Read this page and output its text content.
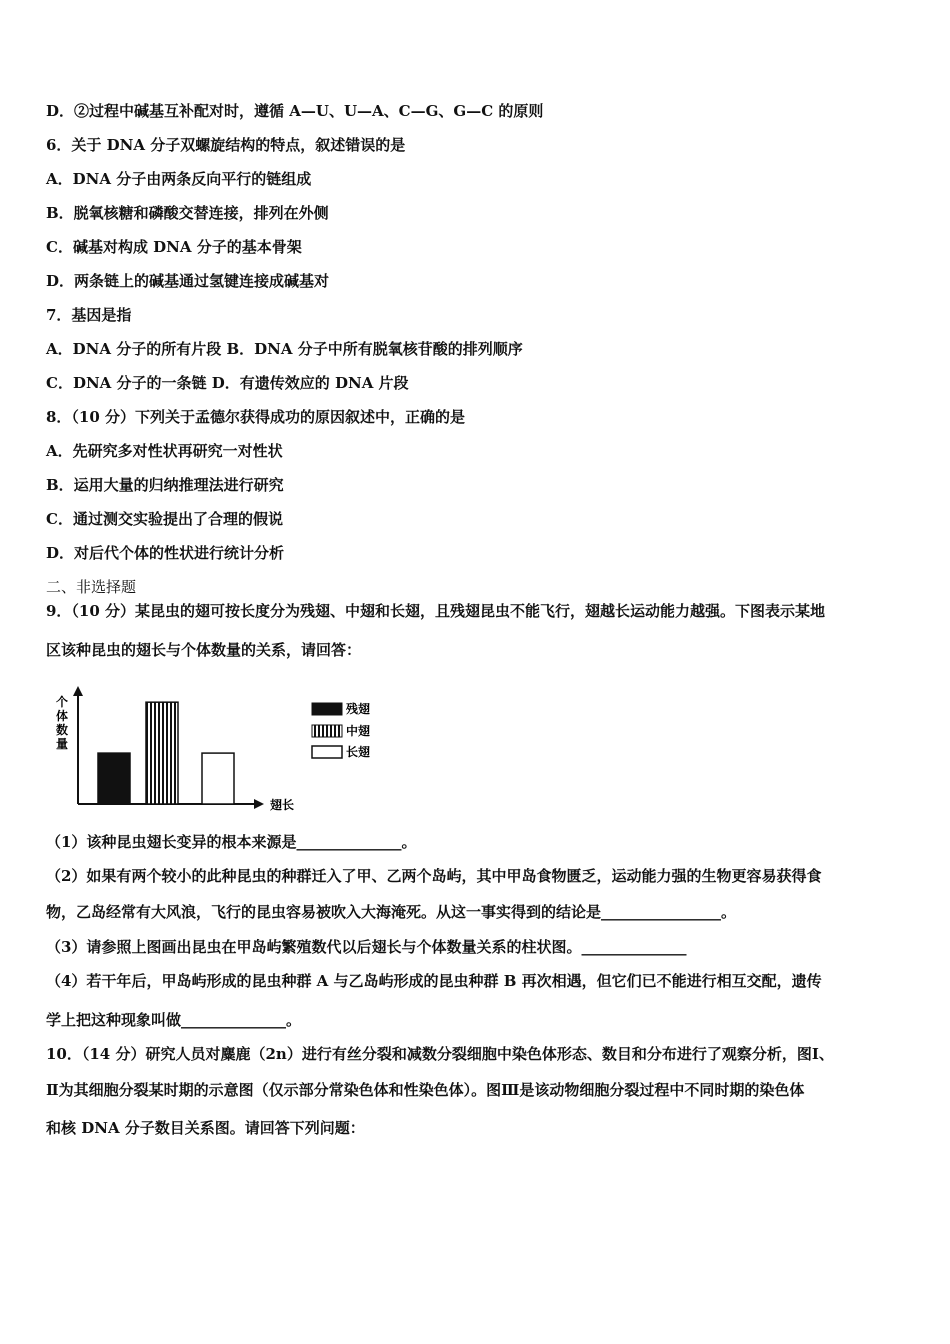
D．②过程中碱基互补配对时，遵循 A—U、U—A、C—G、G—C 的原则
6．关于 DNA 分子双螺旋结构的特点，叙述错误的是
A．DNA 分子由两条反向平行的链组成
B．脱氧核糖和磷酸交替连接，排列在外侧
C．碱基对构成 DNA 分子的基本骨架
D．两条链上的碱基通过氢键连接成碱基对
7．基因是指
A．DNA 分子的所有片段 B．DNA 分子中所有脱氧核苷酸的排列顺序
C．DNA 分子的一条链 D．有遗传效应的 DNA 片段
8．（10 分）下列关于孟德尔获得成功的原因叙述中，正确的是
A．先研究多对性状再研究一对性状
B．运用大量的归纳推理法进行研究
C．通过测交实验提出了合理的假说
D．对后代个体的性状进行统计分析
二、非选择题
9．（10 分）某昆虫的翅可按长度分为残翅、中翅和长翅，且残翅昆虫不能飞行，翅越长运动能力越强。下图表示某地
区该种昆虫的翅长与个体数量的关系，请回答：
（1）该种昆虫翅长变异的根本来源是______________。
（2）如果有两个较小的此种昆虫的种群迁入了甲、乙两个岛屿，其中甲岛食物匮乏，运动能力强的生物更容易获得食
物，乙岛经常有大风浪，飞行的昆虫容易被吹入大海淹死。从这一事实得到的结论是________________。
（3）请参照上图画出昆虫在甲岛屿繁殖数代以后翅长与个体数量关系的柱状图。______________
（4）若干年后，甲岛屿形成的昆虫种群 A 与乙岛屿形成的昆虫种群 B 再次相遇，但它们已不能进行相互交配，遗传
学上把这种现象叫做______________。
10．（14 分）研究人员对麋鹿（2n）进行有丝分裂和减数分裂细胞中染色体形态、数目和分布进行了观察分析，图Ⅰ、
Ⅱ为其细胞分裂某时期的示意图（仅示部分常染色体和性染色体）。图Ⅲ是该动物细胞分裂过程中不同时期的染色体
和核 DNA 分子数目关系图。请回答下列问题：
个体数量
翅长
残翅
中翅
长翅
